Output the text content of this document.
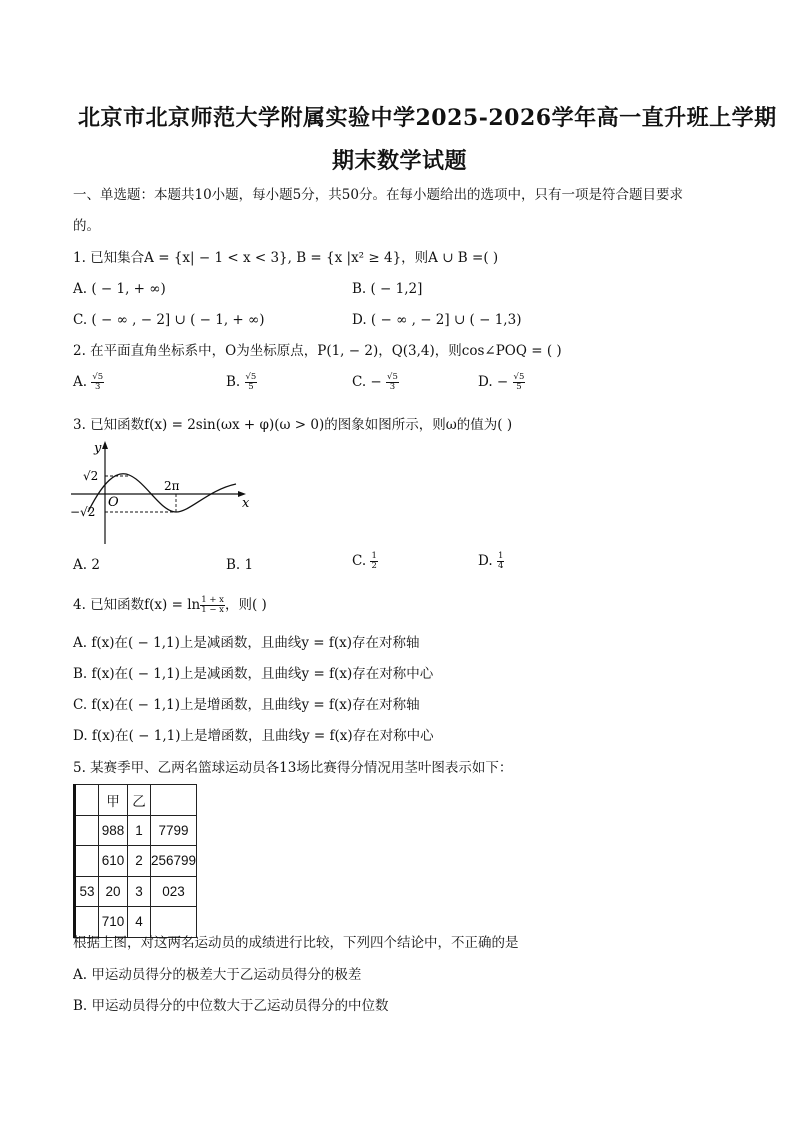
北京市北京师范大学附属实验中学2025-2026学年高一直升班上学期
期末数学试题
一、单选题：本题共10小题，每小题5分，共50分。在每小题给出的选项中，只有一项是符合题目要求
的。
1. 已知集合A = {x| − 1 < x < 3}, B = {x |x² ≥ 4}，则A ∪ B =( )
A. ( − 1, + ∞)	B. ( − 1,2]
C. ( − ∞ , − 2] ∪ ( − 1, + ∞)	D. ( − ∞ , − 2] ∪ ( − 1,3)
2. 在平面直角坐标系中，O为坐标原点，P(1, − 2)，Q(3,4)，则cos∠POQ = ( )
A. $\frac{√5}{3}$	B. $\frac{√5}{5}$	C. − $\frac{√5}{3}$	D. − $\frac{√5}{5}$
3. 已知函数f(x) = 2sin(ωx + φ)(ω > 0)的图象如图所示，则ω的值为( )
y
x
O
√2
−√2
2π
A. 2	B. 1	C. $\frac{1}{2}$	D. $\frac{1}{4}$
4. 已知函数$f(x) = \ln \frac{1 + x}{1 - x}$ ，则( )
A. f(x)在( − 1,1)上是减函数，且曲线y = f(x)存在对称轴
B. f(x)在( − 1,1)上是减函数，且曲线y = f(x)存在对称中心
C. f(x)在( − 1,1)上是增函数，且曲线y = f(x)存在对称轴
D. f(x)在( − 1,1)上是增函数，且曲线y = f(x)存在对称中心
5. 某赛季甲、乙两名篮球运动员各13场比赛得分情况用茎叶图表示如下：
	甲	乙	
	988	1	7799
	610	2	256799
53	20	3	023
	710	4	
根据上图，对这两名运动员的成绩进行比较，下列四个结论中，不正确的是
A. 甲运动员得分的极差大于乙运动员得分的极差
B. 甲运动员得分的中位数大于乙运动员得分的中位数
